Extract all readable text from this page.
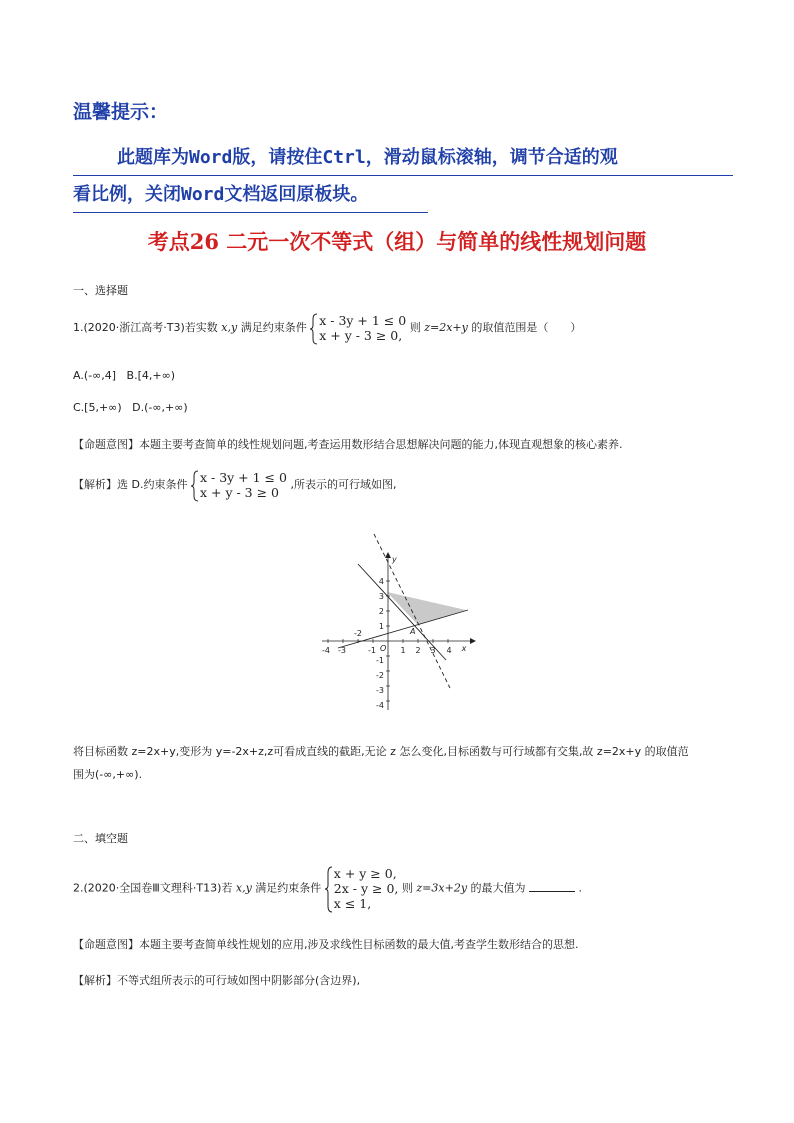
温馨提示：
此题库为Word版，请按住Ctrl，滑动鼠标滚轴，调节合适的观
看比例，关闭Word文档返回原板块。
考点26 二元一次不等式（组）与简单的线性规划问题
一、选择题
1.(2020·浙江高考·T3)若实数 x,y 满足约束条件 x - 3y + 1 ≤ 0
x + y - 3 ≥ 0,
则 z=2x+y 的取值范围是（　　）
A.(-∞,4] B.[4,+∞)
C.[5,+∞) D.(-∞,+∞)
【命题意图】本题主要考查简单的线性规划问题,考查运用数形结合思想解决问题的能力,体现直观想象的核心素养.
【解析】选 D.约束条件 x - 3y + 1 ≤ 0
x + y - 3 ≥ 0
,所表示的可行域如图,
-4 -3
-2
-1	1 2 3 4 x
4
3
2
1
-1
-2
-3
-4
y
O
A
将目标函数 z=2x+y,变形为 y=-2x+z,z可看成直线的截距,无论 z 怎么变化,目标函数与可行域都有交集,故 z=2x+y 的取值范
围为(-∞,+∞).
二、填空题
2.(2020·全国卷Ⅲ文理科·T13)若 x,y 满足约束条件
x + y ≥ 0,
2x - y ≥ 0,
x ≤ 1,
则 z=3x+2y 的最大值为	.
【命题意图】本题主要考查简单线性规划的应用,涉及求线性目标函数的最大值,考查学生数形结合的思想.
【解析】不等式组所表示的可行域如图中阴影部分(含边界),
